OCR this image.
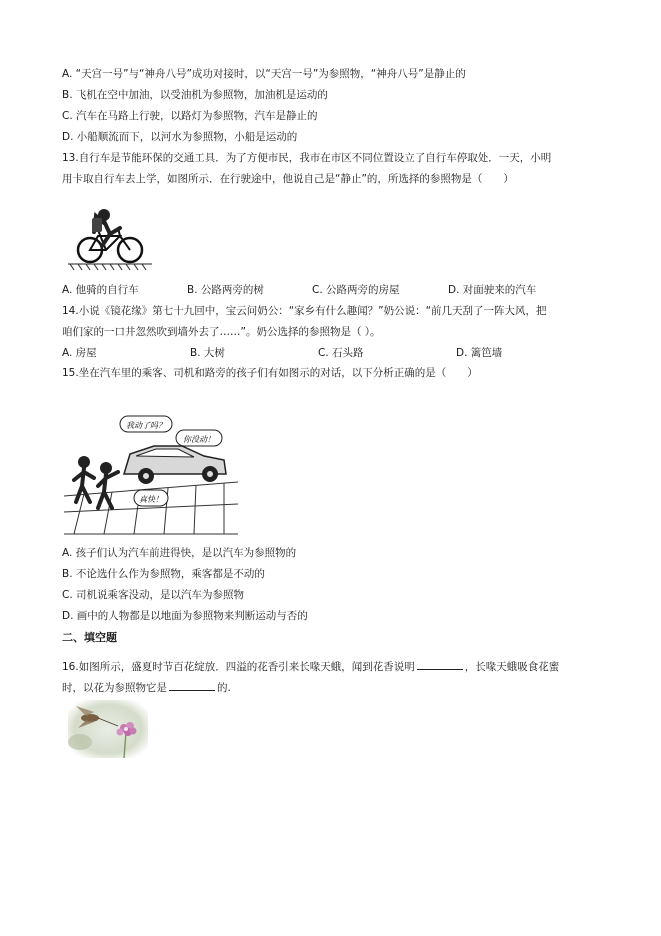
A. “天宫一号”与“神舟八号”成功对接时，以“天宫一号”为参照物，“神舟八号”是静止的
B. 飞机在空中加油，以受油机为参照物，加油机是运动的
C. 汽车在马路上行驶，以路灯为参照物，汽车是静止的
D. 小船顺流而下，以河水为参照物，小船是运动的
13.自行车是节能环保的交通工具．为了方便市民，我市在市区不同位置设立了自行车停取处．一天，小明
用卡取自行车去上学，如图所示．在行驶途中，他说自己是“静止”的，所选择的参照物是（　　）
A. 他骑的自行车	B. 公路两旁的树	C. 公路两旁的房屋	D. 对面驶来的汽车
14.小说《镜花缘》第七十九回中，宝云问奶公：“家乡有什么趣闻？”奶公说：“前几天刮了一阵大风，把
咱们家的一口井忽然吹到墙外去了……”。奶公选择的参照物是（ ）。
A. 房屋	B. 大树	C. 石头路	D. 篱笆墙
15.坐在汽车里的乘客、司机和路旁的孩子们有如图示的对话，以下分析正确的是（　　）
我动了吗？
你没动！
真快！
A. 孩子们认为汽车前进得快，是以汽车为参照物的
B. 不论选什么作为参照物，乘客都是不动的
C. 司机说乘客没动，是以汽车为参照物
D. 画中的人物都是以地面为参照物来判断运动与否的
二、填空题
16.如图所示，盛夏时节百花绽放．四溢的花香引来长喙天蛾，闻到花香说明	，长喙天蛾吸食花蜜
时，以花为参照物它是	的.
